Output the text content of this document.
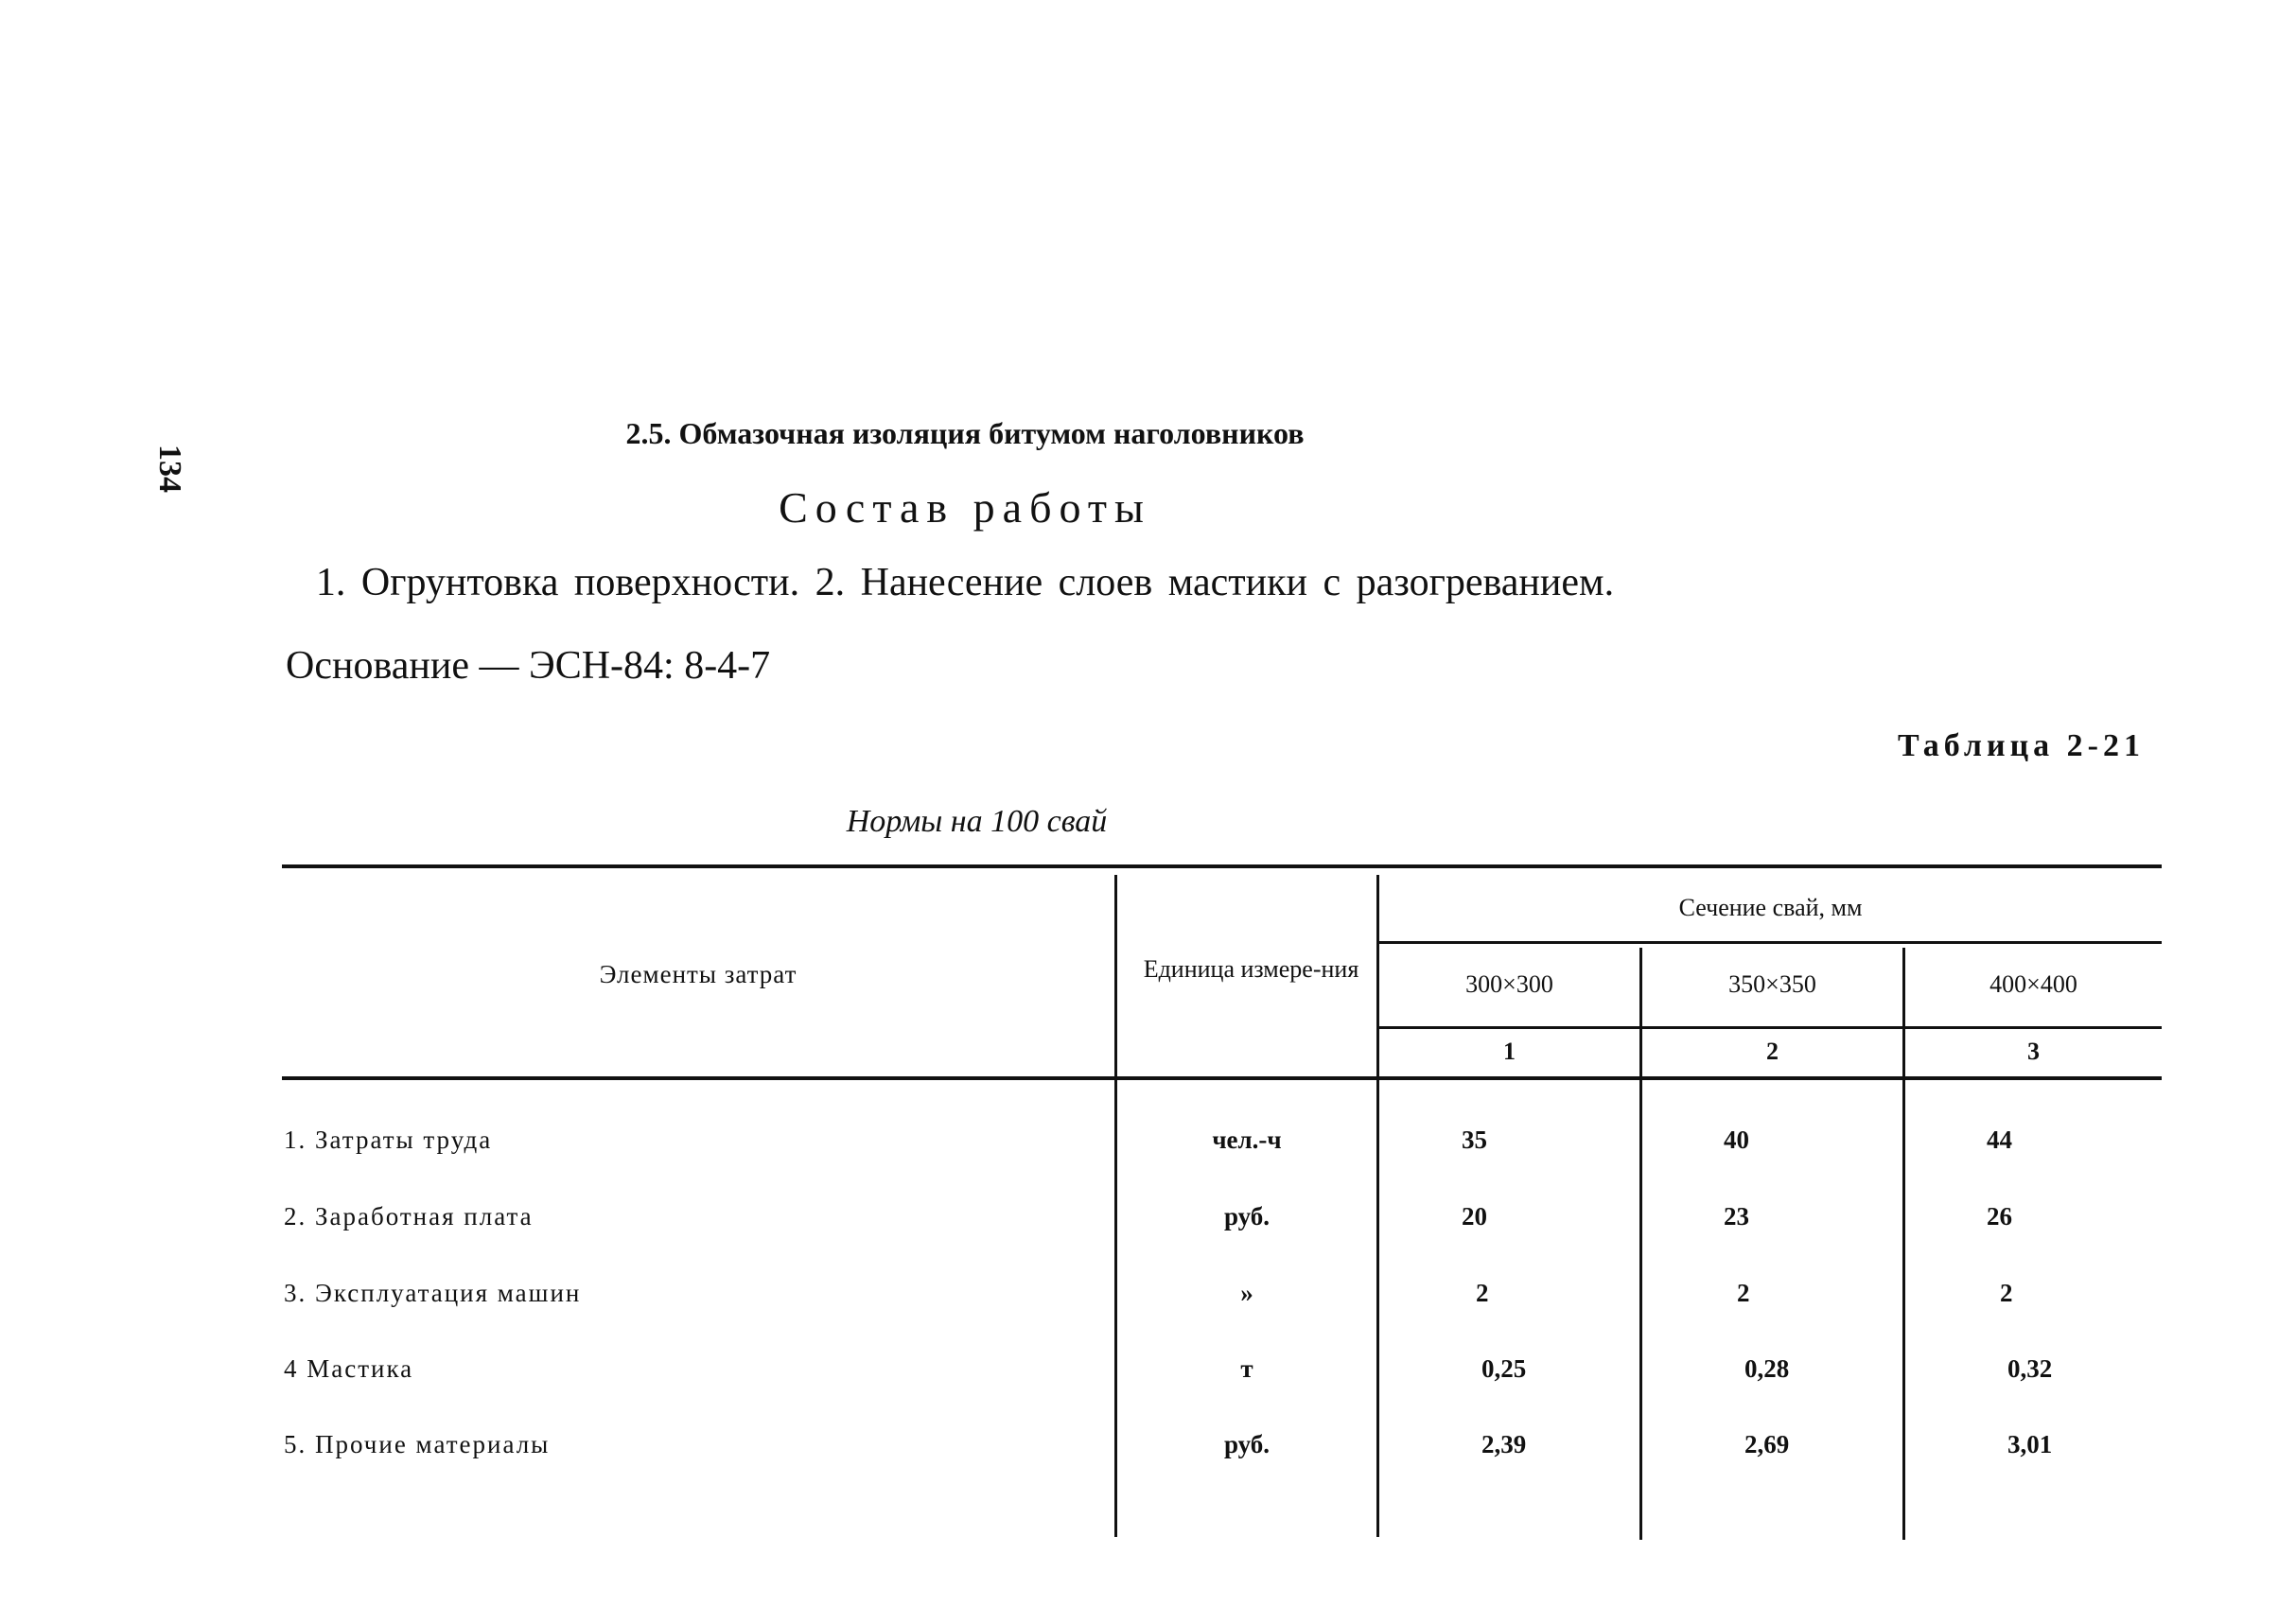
134
2.5. Обмазочная изоляция битумом наголовников
Состав работы
1. Огрунтовка поверхности. 2. Нанесение слоев мастики с разогреванием.
Основание — ЭСН-84: 8-4-7
Таблица 2-21
Нормы на 100 свай
Элементы затрат	Единица измере-ния
Сечение свай, мм
300×300	350×350	400×400
1	2	3
1. Затраты труда	чел.-ч	35	40	44
2. Заработная плата	руб.	20	23	26
3. Эксплуатация машин	»	2	2	2
4 Мастика	т	0,25	0,28	0,32
5. Прочие материалы	руб.	2,39	2,69	3,01
